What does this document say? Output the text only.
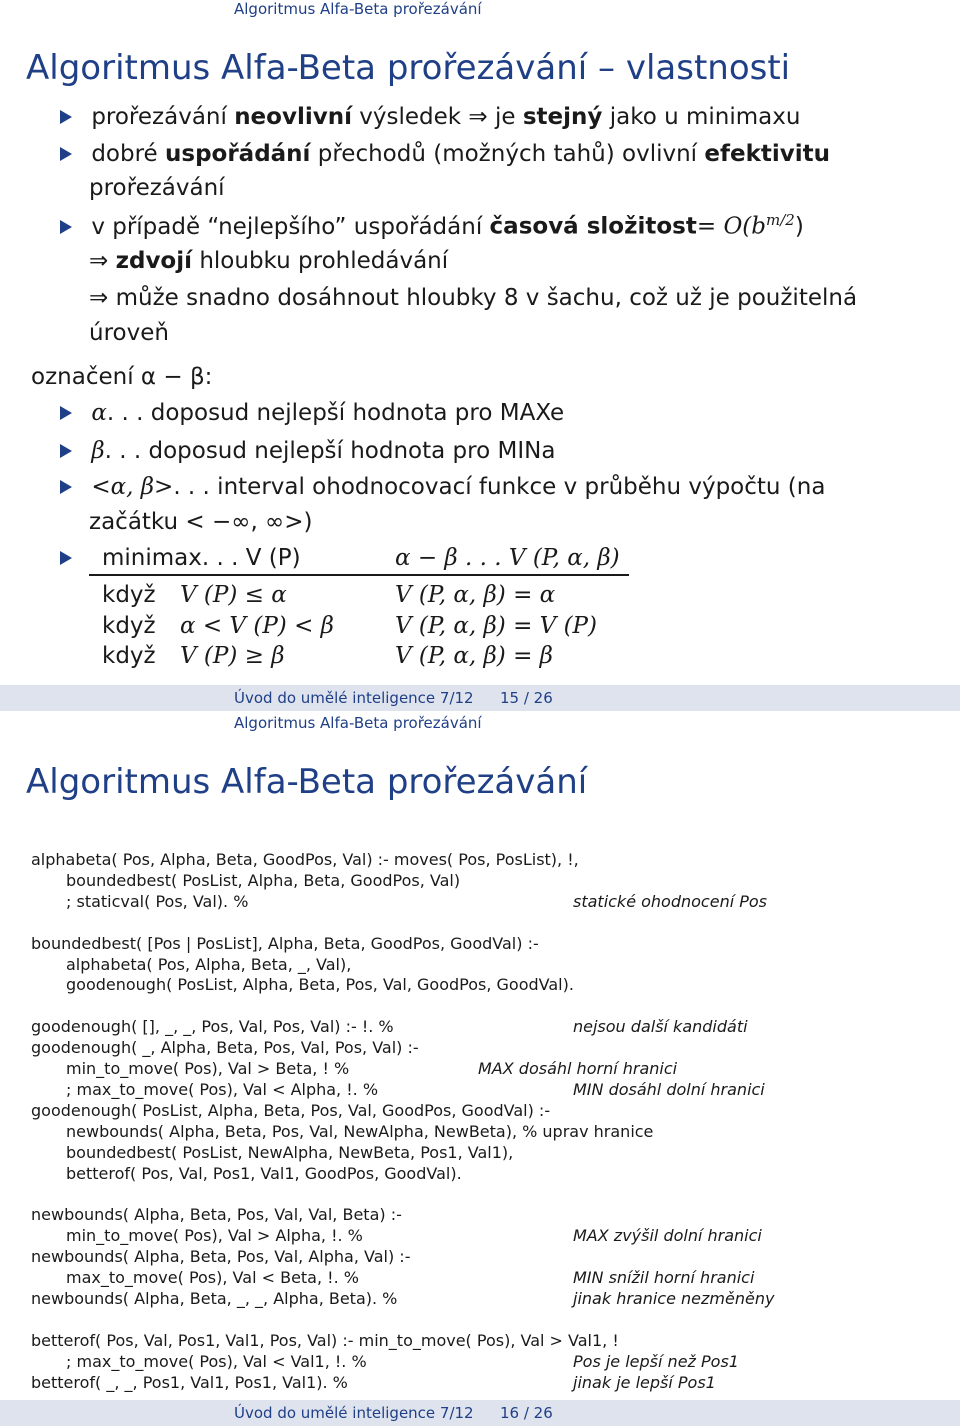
Algoritmus Alfa-Beta prořezávání
Algoritmus Alfa-Beta prořezávání – vlastnosti
prořezávání neovlivní výsledek ⇒ je stejný jako u minimaxu
dobré uspořádání přechodů (možných tahů) ovlivní efektivitu
prořezávání
v případě “nejlepšího” uspořádání časová složitost= $O(b^{m/2})$
⇒ zdvojí hloubku prohledávání
⇒ může snadno dosáhnout hloubky 8 v šachu, což už je použitelná
úroveň
označení α − β:
α. . . doposud nejlepší hodnota pro MAXe
β. . . doposud nejlepší hodnota pro MINa
<α, β>. . . interval ohodnocovací funkce v průběhu výpočtu (na
začátku < −∞, ∞>)
minimax. . . V (P)	α − β . . . V (P, α, β)
když V (P) ≤ α	V (P, α, β) = α
když α < V (P) < β	V (P, α, β) = V (P)
když V (P) ≥ β	V (P, α, β) = β
Úvod do umělé inteligence 7/12 15 / 26
Algoritmus Alfa-Beta prořezávání
Algoritmus Alfa-Beta prořezávání
alphabeta( Pos, Alpha, Beta, GoodPos, Val) :- moves( Pos, PosList), !,
boundedbest( PosList, Alpha, Beta, GoodPos, Val)
; staticval( Pos, Val). %	statické ohodnocení Pos
boundedbest( [Pos | PosList], Alpha, Beta, GoodPos, GoodVal) :-
alphabeta( Pos, Alpha, Beta, _, Val),
goodenough( PosList, Alpha, Beta, Pos, Val, GoodPos, GoodVal).
goodenough( [], _, _, Pos, Val, Pos, Val) :- !. %	nejsou další kandidáti
goodenough( _, Alpha, Beta, Pos, Val, Pos, Val) :-
min_to_move( Pos), Val > Beta, ! %	MAX dosáhl horní hranici
; max_to_move( Pos), Val < Alpha, !. %	MIN dosáhl dolní hranici
goodenough( PosList, Alpha, Beta, Pos, Val, GoodPos, GoodVal) :-
newbounds( Alpha, Beta, Pos, Val, NewAlpha, NewBeta), % uprav hranice
boundedbest( PosList, NewAlpha, NewBeta, Pos1, Val1),
betterof( Pos, Val, Pos1, Val1, GoodPos, GoodVal).
newbounds( Alpha, Beta, Pos, Val, Val, Beta) :-
min_to_move( Pos), Val > Alpha, !. %	MAX zvýšil dolní hranici
newbounds( Alpha, Beta, Pos, Val, Alpha, Val) :-
max_to_move( Pos), Val < Beta, !. %	MIN snížil horní hranici
newbounds( Alpha, Beta, _, _, Alpha, Beta). %	jinak hranice nezměněny
betterof( Pos, Val, Pos1, Val1, Pos, Val) :- min_to_move( Pos), Val > Val1, !
; max_to_move( Pos), Val < Val1, !. %	Pos je lepší než Pos1
betterof( _, _, Pos1, Val1, Pos1, Val1). %	jinak je lepší Pos1
Úvod do umělé inteligence 7/12 16 / 26
